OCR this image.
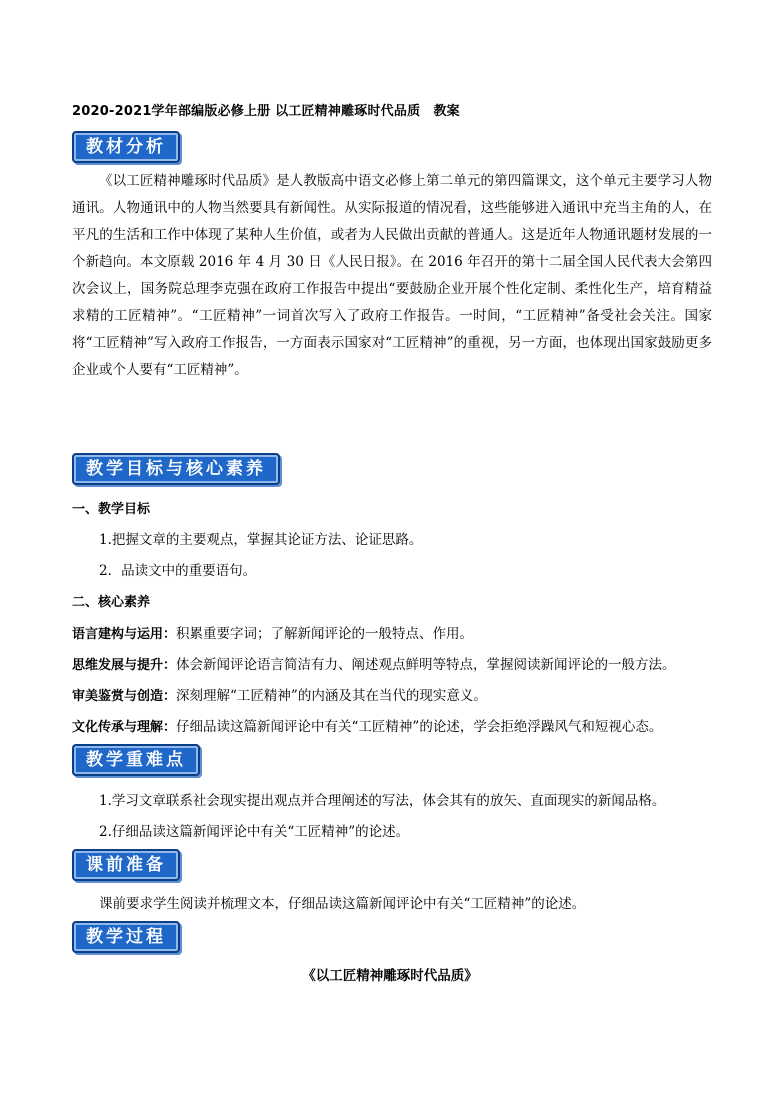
2020-2021学年部编版必修上册 以工匠精神雕琢时代品质　教案
教材分析

《以工匠精神雕琢时代品质》是人教版高中语文必修上第二单元的第四篇课文，这个单元主要学习人物通讯。人物通讯中的人物当然要具有新闻性。从实际报道的情况看，这些能够进入通讯中充当主角的人，在平凡的生活和工作中体现了某种人生价值，或者为人民做出贡献的普通人。这是近年人物通讯题材发展的一个新趋向。本文原载 2016 年 4 月 30 日《人民日报》。在 2016 年召开的第十二届全国人民代表大会第四次会议上，国务院总理李克强在政府工作报告中提出“要鼓励企业开展个性化定制、柔性化生产，培育精益求精的工匠精神”。“工匠精神”一词首次写入了政府工作报告。一时间，“工匠精神”备受社会关注。国家将“工匠精神”写入政府工作报告，一方面表示国家对“工匠精神”的重视，另一方面，也体现出国家鼓励更多企业或个人要有“工匠精神”。

教学目标与核心素养
一、教学目标
1.把握文章的主要观点，掌握其论证方法、论证思路。
2．品读文中的重要语句。
二、核心素养
语言建构与运用：积累重要字词；了解新闻评论的一般特点、作用。
思维发展与提升：体会新闻评论语言简洁有力、阐述观点鲜明等特点，掌握阅读新闻评论的一般方法。
审美鉴赏与创造：深刻理解“工匠精神”的内涵及其在当代的现实意义。
文化传承与理解：仔细品读这篇新闻评论中有关“工匠精神”的论述，学会拒绝浮躁风气和短视心态。
教学重难点
1.学习文章联系社会现实提出观点并合理阐述的写法，体会其有的放矢、直面现实的新闻品格。
2.仔细品读这篇新闻评论中有关“工匠精神”的论述。
课前准备
课前要求学生阅读并梳理文本，仔细品读这篇新闻评论中有关“工匠精神”的论述。
教学过程
《以工匠精神雕琢时代品质》
